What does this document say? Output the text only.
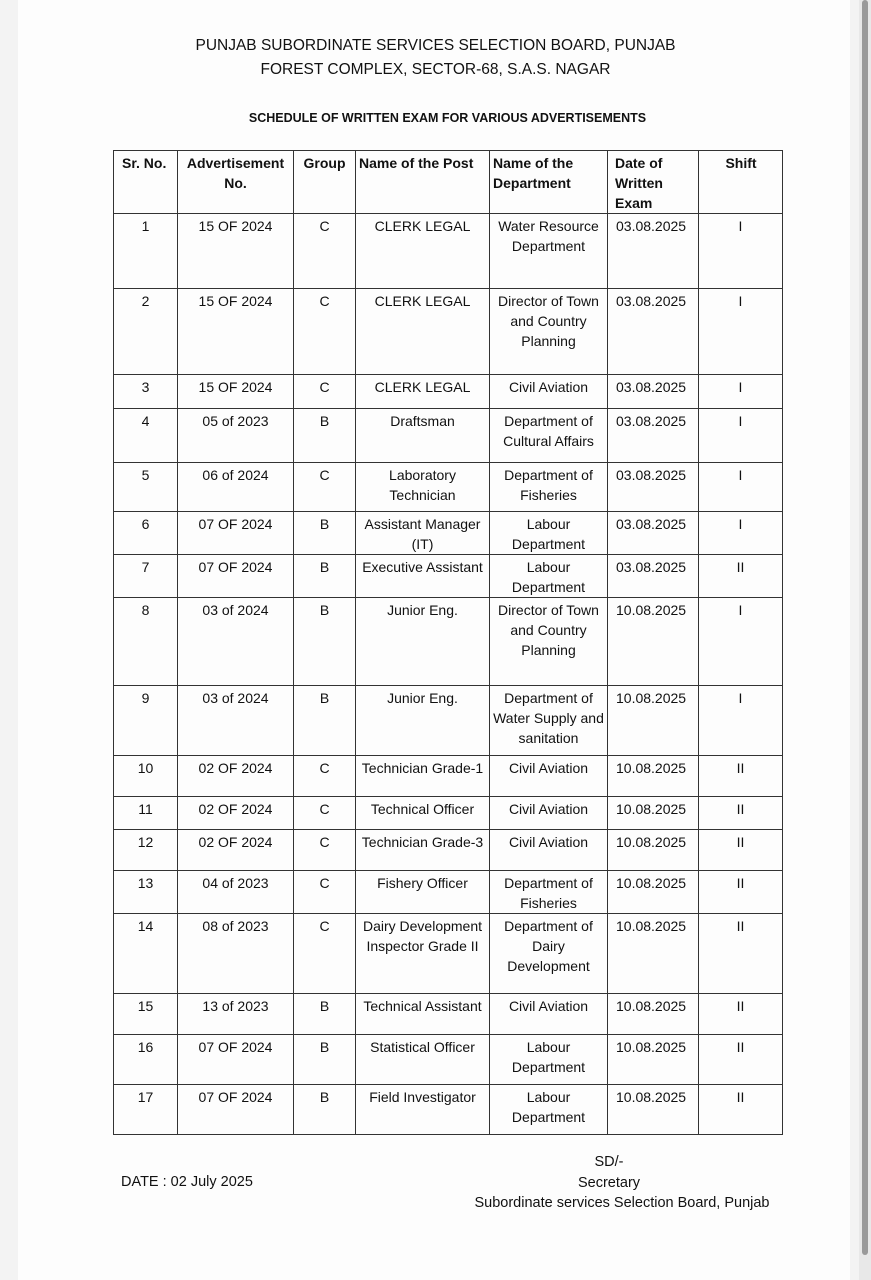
PUNJAB SUBORDINATE SERVICES SELECTION BOARD, PUNJAB
FOREST COMPLEX, SECTOR-68, S.A.S. NAGAR
SCHEDULE OF WRITTEN EXAM FOR VARIOUS ADVERTISEMENTS
Sr. No.	Advertisement No.	Group	Name of the Post	Name of the Department	Date of Written Exam	Shift
1	15 OF 2024	C	CLERK LEGAL	Water Resource Department	03.08.2025	I
2	15 OF 2024	C	CLERK LEGAL	Director of Town and Country Planning	03.08.2025	I
3	15 OF 2024	C	CLERK LEGAL	Civil Aviation	03.08.2025	I
4	05 of 2023	B	Draftsman	Department of Cultural Affairs	03.08.2025	I
5	06 of 2024	C	Laboratory Technician	Department of Fisheries	03.08.2025	I
6	07 OF 2024	B	Assistant Manager (IT)	Labour Department	03.08.2025	I
7	07 OF 2024	B	Executive Assistant	Labour Department	03.08.2025	II
8	03 of 2024	B	Junior Eng.	Director of Town and Country Planning	10.08.2025	I
9	03 of 2024	B	Junior Eng.	Department of Water Supply and sanitation	10.08.2025	I
10	02 OF 2024	C	Technician Grade-1	Civil Aviation	10.08.2025	II
11	02 OF 2024	C	Technical Officer	Civil Aviation	10.08.2025	II
12	02 OF 2024	C	Technician Grade-3	Civil Aviation	10.08.2025	II
13	04 of 2023	C	Fishery Officer	Department of Fisheries	10.08.2025	II
14	08 of 2023	C	Dairy Development Inspector Grade II	Department of Dairy Development	10.08.2025	II
15	13 of 2023	B	Technical Assistant	Civil Aviation	10.08.2025	II
16	07 OF 2024	B	Statistical Officer	Labour Department	10.08.2025	II
17	07 OF 2024	B	Field Investigator	Labour Department	10.08.2025	II
DATE : 02 July 2025
SD/-
Secretary
Subordinate services Selection Board, Punjab
